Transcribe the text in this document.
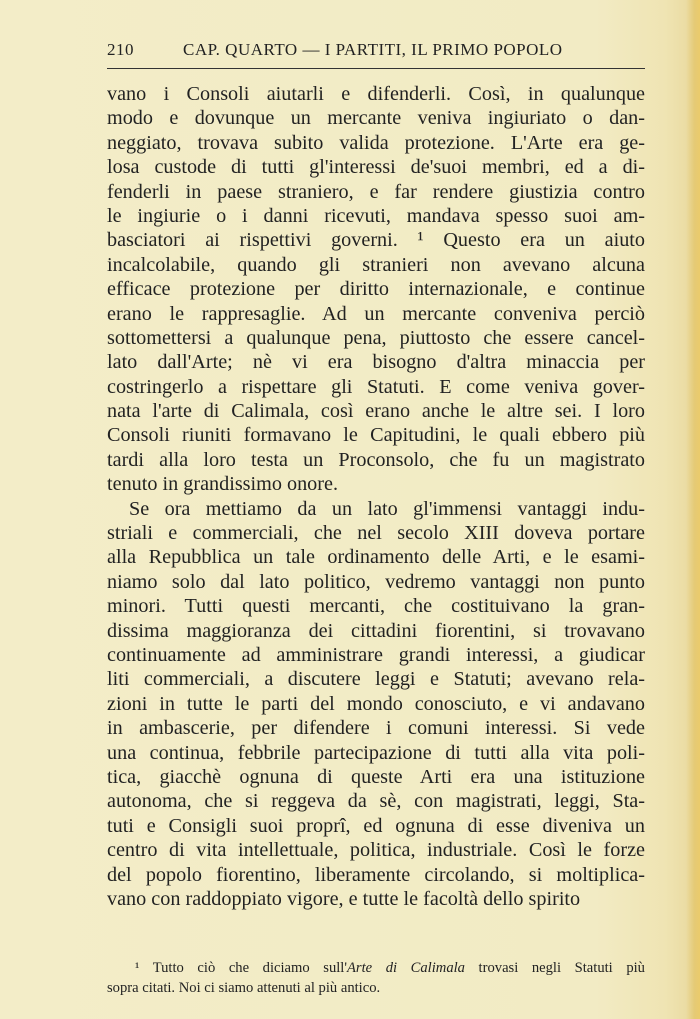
210	CAP. QUARTO — I PARTITI, IL PRIMO POPOLO
vano i Consoli aiutarli e difenderli. Così, in qualunque
modo e dovunque un mercante veniva ingiuriato o dan-
neggiato, trovava subito valida protezione. L'Arte era ge-
losa custode di tutti gl'interessi de'suoi membri, ed a di-
fenderli in paese straniero, e far rendere giustizia contro
le ingiurie o i danni ricevuti, mandava spesso suoi am-
basciatori ai rispettivi governi. ¹ Questo era un aiuto
incalcolabile, quando gli stranieri non avevano alcuna
efficace protezione per diritto internazionale, e continue
erano le rappresaglie. Ad un mercante conveniva perciò
sottomettersi a qualunque pena, piuttosto che essere cancel-
lato dall'Arte; nè vi era bisogno d'altra minaccia per
costringerlo a rispettare gli Statuti. E come veniva gover-
nata l'arte di Calimala, così erano anche le altre sei. I loro
Consoli riuniti formavano le Capitudini, le quali ebbero più
tardi alla loro testa un Proconsolo, che fu un magistrato
tenuto in grandissimo onore.
Se ora mettiamo da un lato gl'immensi vantaggi indu-
striali e commerciali, che nel secolo XIII doveva portare
alla Repubblica un tale ordinamento delle Arti, e le esami-
niamo solo dal lato politico, vedremo vantaggi non punto
minori. Tutti questi mercanti, che costituivano la gran-
dissima maggioranza dei cittadini fiorentini, si trovavano
continuamente ad amministrare grandi interessi, a giudicar
liti commerciali, a discutere leggi e Statuti; avevano rela-
zioni in tutte le parti del mondo conosciuto, e vi andavano
in ambascerie, per difendere i comuni interessi. Si vede
una continua, febbrile partecipazione di tutti alla vita poli-
tica, giacchè ognuna di queste Arti era una istituzione
autonoma, che si reggeva da sè, con magistrati, leggi, Sta-
tuti e Consigli suoi proprî, ed ognuna di esse diveniva un
centro di vita intellettuale, politica, industriale. Così le forze
del popolo fiorentino, liberamente circolando, si moltiplica-
vano con raddoppiato vigore, e tutte le facoltà dello spirito
¹ Tutto ciò che diciamo sull'Arte di Calimala trovasi negli Statuti più
sopra citati. Noi ci siamo attenuti al più antico.
